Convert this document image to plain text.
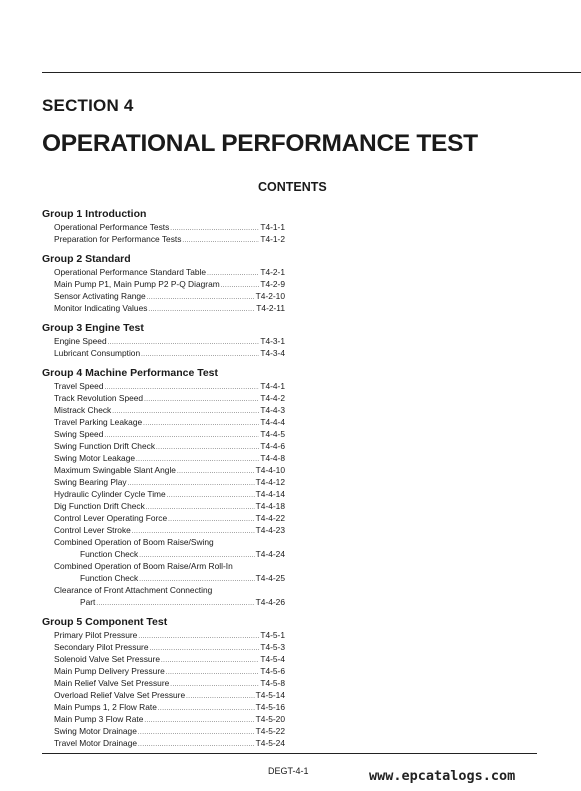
SECTION 4
OPERATIONAL PERFORMANCE TEST
CONTENTS
Group 1 Introduction
Operational Performance Tests .....	T4-1-1
Preparation for Performance Tests .....	T4-1-2
Group 2 Standard
Operational Performance Standard Table .....	T4-2-1
Main Pump P1, Main Pump P2 P-Q Diagram .....	T4-2-9
Sensor Activating Range .....	T4-2-10
Monitor Indicating Values .....	T4-2-11
Group 3 Engine Test
Engine Speed .....	T4-3-1
Lubricant Consumption .....	T4-3-4
Group 4 Machine Performance Test
Travel Speed .....	T4-4-1
Track Revolution Speed .....	T4-4-2
Mistrack Check .....	T4-4-3
Travel Parking Leakage .....	T4-4-4
Swing Speed .....	T4-4-5
Swing Function Drift Check .....	T4-4-6
Swing Motor Leakage .....	T4-4-8
Maximum Swingable Slant Angle .....	T4-4-10
Swing Bearing Play .....	T4-4-12
Hydraulic Cylinder Cycle Time .....	T4-4-14
Dig Function Drift Check .....	T4-4-18
Control Lever Operating Force .....	T4-4-22
Control Lever Stroke .....	T4-4-23
Combined Operation of Boom Raise/Swing
Function Check .....	T4-4-24
Combined Operation of Boom Raise/Arm Roll-In
Function Check .....	T4-4-25
Clearance of Front Attachment Connecting
Part .....	T4-4-26
Group 5 Component Test
Primary Pilot Pressure .....	T4-5-1
Secondary Pilot Pressure .....	T4-5-3
Solenoid Valve Set Pressure .....	T4-5-4
Main Pump Delivery Pressure .....	T4-5-6
Main Relief Valve Set Pressure .....	T4-5-8
Overload Relief Valve Set Pressure .....	T4-5-14
Main Pumps 1, 2 Flow Rate .....	T4-5-16
Main Pump 3 Flow Rate .....	T4-5-20
Swing Motor Drainage .....	T4-5-22
Travel Motor Drainage .....	T4-5-24
DEGT-4-1	www.epcatalogs.com
